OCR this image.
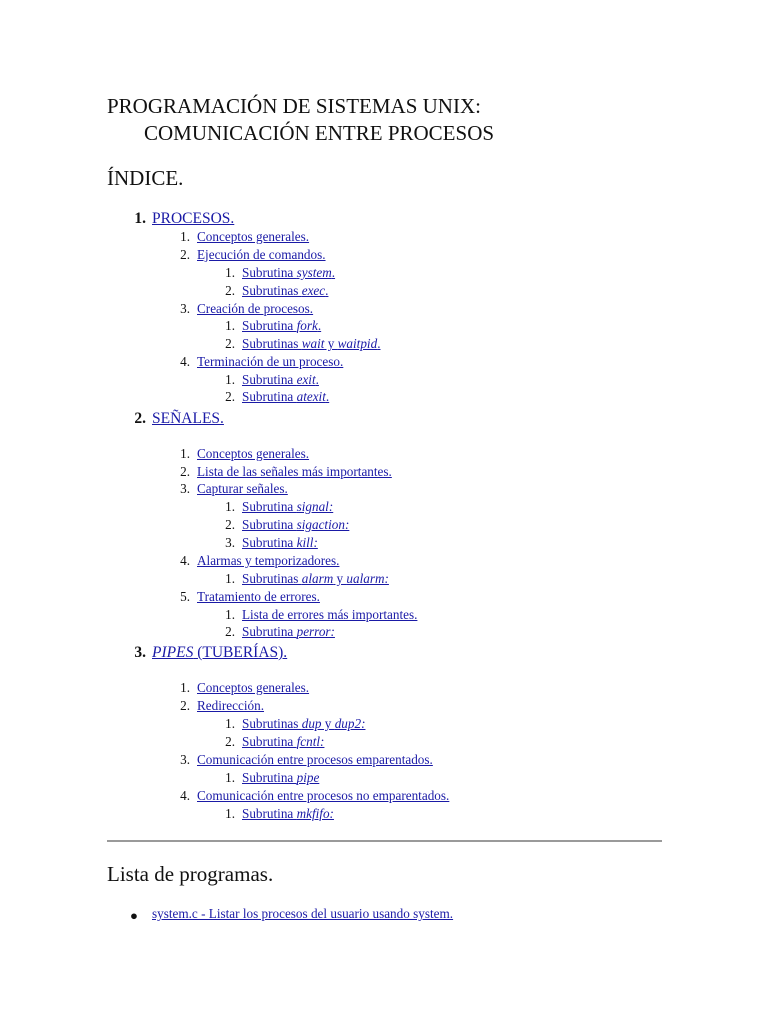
PROGRAMACIÓN DE SISTEMAS UNIX:
COMUNICACIÓN ENTRE PROCESOS
ÍNDICE.
1. PROCESOS.
1. Conceptos generales.
2. Ejecución de comandos.
1. Subrutina system.
2. Subrutinas exec.
3. Creación de procesos.
1. Subrutina fork.
2. Subrutinas wait y waitpid.
4. Terminación de un proceso.
1. Subrutina exit.
2. Subrutina atexit.
2. SEÑALES.
1. Conceptos generales.
2. Lista de las señales más importantes.
3. Capturar señales.
1. Subrutina signal:
2. Subrutina sigaction:
3. Subrutina kill:
4. Alarmas y temporizadores.
1. Subrutinas alarm y ualarm:
5. Tratamiento de errores.
1. Lista de errores más importantes.
2. Subrutina perror:
3. PIPES (TUBERÍAS).
1. Conceptos generales.
2. Redirección.
1. Subrutinas dup y dup2:
2. Subrutina fcntl:
3. Comunicación entre procesos emparentados.
1. Subrutina pipe
4. Comunicación entre procesos no emparentados.
1. Subrutina mkfifo:
Lista de programas.
● system.c - Listar los procesos del usuario usando system.
